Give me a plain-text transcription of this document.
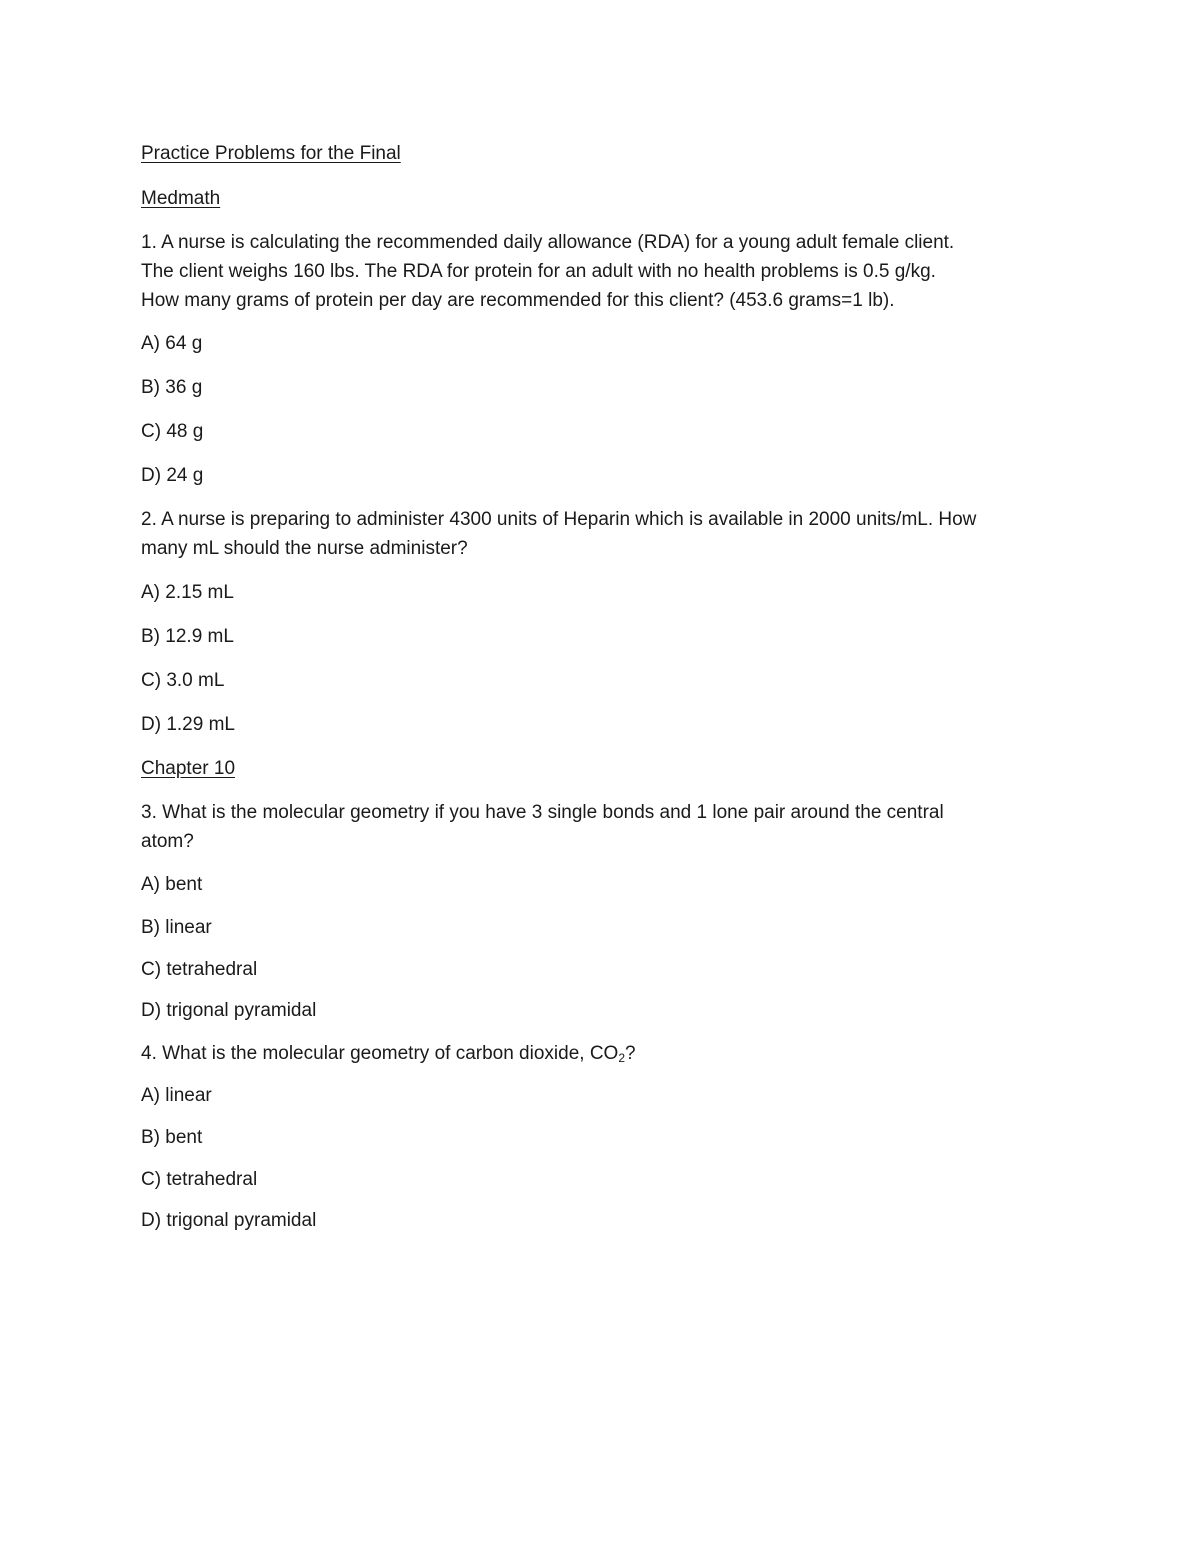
Practice Problems for the Final

Medmath

1. A nurse is calculating the recommended daily allowance (RDA) for a young adult female client.

The client weighs 160 lbs. The RDA for protein for an adult with no health problems is 0.5 g/kg.

How many grams of protein per day are recommended for this client? (453.6 grams=1 lb).

A) 64 g

B) 36 g

C) 48 g

D) 24 g

2. A nurse is preparing to administer 4300 units of Heparin which is available in 2000 units/mL. How

many mL should the nurse administer?

A) 2.15 mL

B) 12.9 mL

C) 3.0 mL

D) 1.29 mL

Chapter 10

3. What is the molecular geometry if you have 3 single bonds and 1 lone pair around the central

atom?

A) bent

B) linear

C) tetrahedral

D) trigonal pyramidal

4. What is the molecular geometry of carbon dioxide, $CO_2$?

A) linear

B) bent

C) tetrahedral

D) trigonal pyramidal
